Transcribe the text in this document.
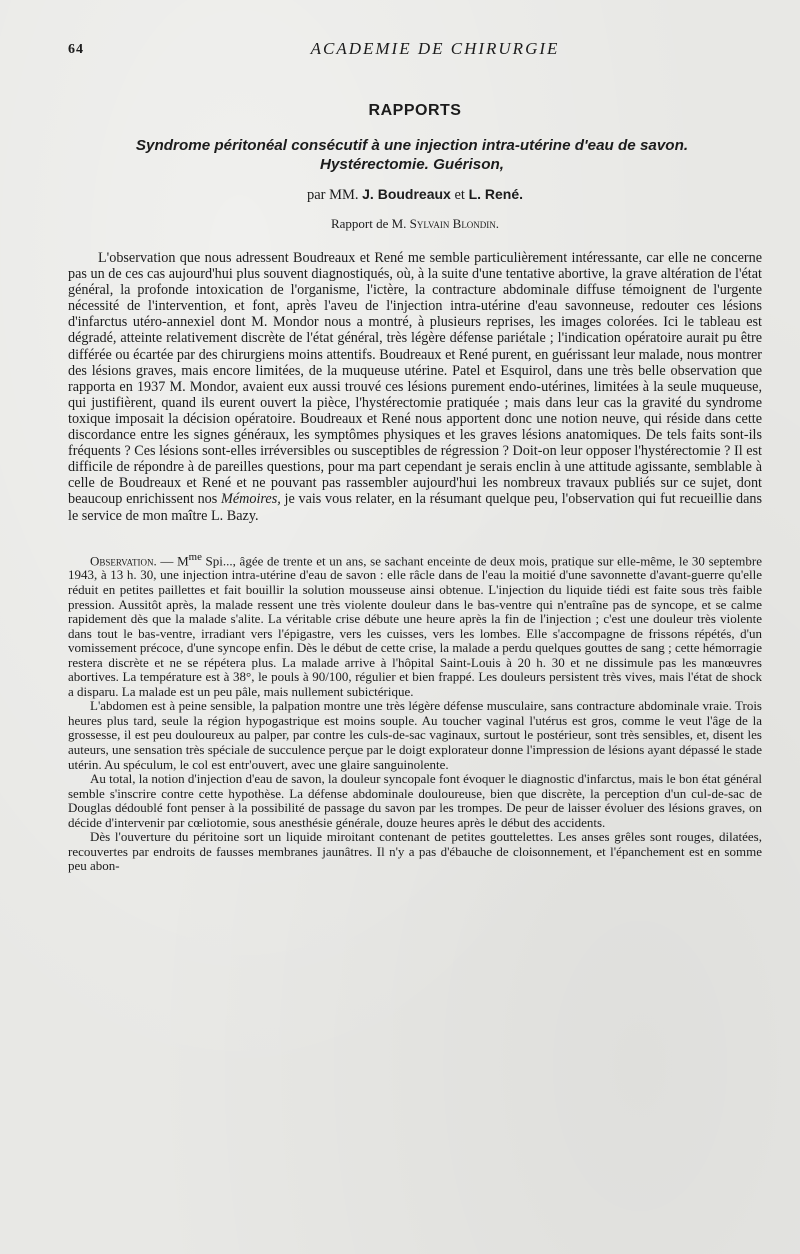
64	ACADEMIE DE CHIRURGIE
RAPPORTS
Syndrome péritonéal consécutif à une injection intra-utérine d'eau de savon.
Hystérectomie. Guérison,
par MM. J. Boudreaux et L. René.
Rapport de M. Sylvain Blondin.

L'observation que nous adressent Boudreaux et René me semble particulièrement intéressante, car elle ne concerne pas un de ces cas aujourd'hui plus souvent diagnostiqués, où, à la suite d'une tentative abortive, la grave altération de l'état général, la profonde intoxication de l'organisme, l'ictère, la contracture abdominale diffuse témoignent de l'urgente nécessité de l'intervention, et font, après l'aveu de l'injection intra-utérine d'eau savonneuse, redouter ces lésions d'infarctus utéro-annexiel dont M. Mondor nous a montré, à plusieurs reprises, les images colorées. Ici le tableau est dégradé, atteinte relativement discrète de l'état général, très légère défense pariétale ; l'indication opératoire aurait pu être différée ou écartée par des chirurgiens moins attentifs. Boudreaux et René purent, en guérissant leur malade, nous montrer des lésions graves, mais encore limitées, de la muqueuse utérine. Patel et Esquirol, dans une très belle observation que rapporta en 1937 M. Mondor, avaient eux aussi trouvé ces lésions purement endo-utérines, limitées à la seule muqueuse, qui justifièrent, quand ils eurent ouvert la pièce, l'hystérectomie pratiquée ; mais dans leur cas la gravité du syndrome toxique imposait la décision opératoire. Boudreaux et René nous apportent donc une notion neuve, qui réside dans cette discordance entre les signes généraux, les symptômes physiques et les graves lésions anatomiques. De tels faits sont-ils fréquents ? Ces lésions sont-elles irréversibles ou susceptibles de régression ? Doit-on leur opposer l'hystérectomie ? Il est difficile de répondre à de pareilles questions, pour ma part cependant je serais enclin à une attitude agissante, semblable à celle de Boudreaux et René et ne pouvant pas rassembler aujourd'hui les nombreux travaux publiés sur ce sujet, dont beaucoup enrichissent nos Mémoires, je vais vous relater, en la résumant quelque peu, l'observation qui fut recueillie dans le service de mon maître L. Bazy.

Observation. — $M^{me}$ Spi..., âgée de trente et un ans, se sachant enceinte de deux mois, pratique sur elle-même, le 30 septembre 1943, à 13 h. 30, une injection intra-utérine d'eau de savon : elle râcle dans de l'eau la moitié d'une savonnette d'avant-guerre qu'elle réduit en petites paillettes et fait bouillir la solution mousseuse ainsi obtenue. L'injection du liquide tiédi est faite sous très faible pression. Aussitôt après, la malade ressent une très violente douleur dans le bas-ventre qui n'entraîne pas de syncope, et se calme rapidement dès que la malade s'alite. La véritable crise débute une heure après la fin de l'injection ; c'est une douleur très violente dans tout le bas-ventre, irradiant vers l'épigastre, vers les cuisses, vers les lombes. Elle s'accompagne de frissons répétés, d'un vomissement précoce, d'une syncope enfin. Dès le début de cette crise, la malade a perdu quelques gouttes de sang ; cette hémorragie restera discrète et ne se répétera plus. La malade arrive à l'hôpital Saint-Louis à 20 h. 30 et ne dissimule pas les manœuvres abortives. La température est à 38°, le pouls à 90/100, régulier et bien frappé. Les douleurs persistent très vives, mais l'état de shock a disparu. La malade est un peu pâle, mais nullement subictérique.

L'abdomen est à peine sensible, la palpation montre une très légère défense musculaire, sans contracture abdominale vraie. Trois heures plus tard, seule la région hypogastrique est moins souple. Au toucher vaginal l'utérus est gros, comme le veut l'âge de la grossesse, il est peu douloureux au palper, par contre les culs-de-sac vaginaux, surtout le postérieur, sont très sensibles, et, disent les auteurs, une sensation très spéciale de succulence perçue par le doigt explorateur donne l'impression de lésions ayant dépassé le stade utérin. Au spéculum, le col est entr'ouvert, avec une glaire sanguinolente.

Au total, la notion d'injection d'eau de savon, la douleur syncopale font évoquer le diagnostic d'infarctus, mais le bon état général semble s'inscrire contre cette hypothèse. La défense abdominale douloureuse, bien que discrète, la perception d'un cul-de-sac de Douglas dédoublé font penser à la possibilité de passage du savon par les trompes. De peur de laisser évoluer des lésions graves, on décide d'intervenir par cœliotomie, sous anesthésie générale, douze heures après le début des accidents.

Dès l'ouverture du péritoine sort un liquide miroitant contenant de petites gouttelettes. Les anses grêles sont rouges, dilatées, recouvertes par endroits de fausses membranes jaunâtres. Il n'y a pas d'ébauche de cloisonnement, et l'épanchement est en somme peu abon-
